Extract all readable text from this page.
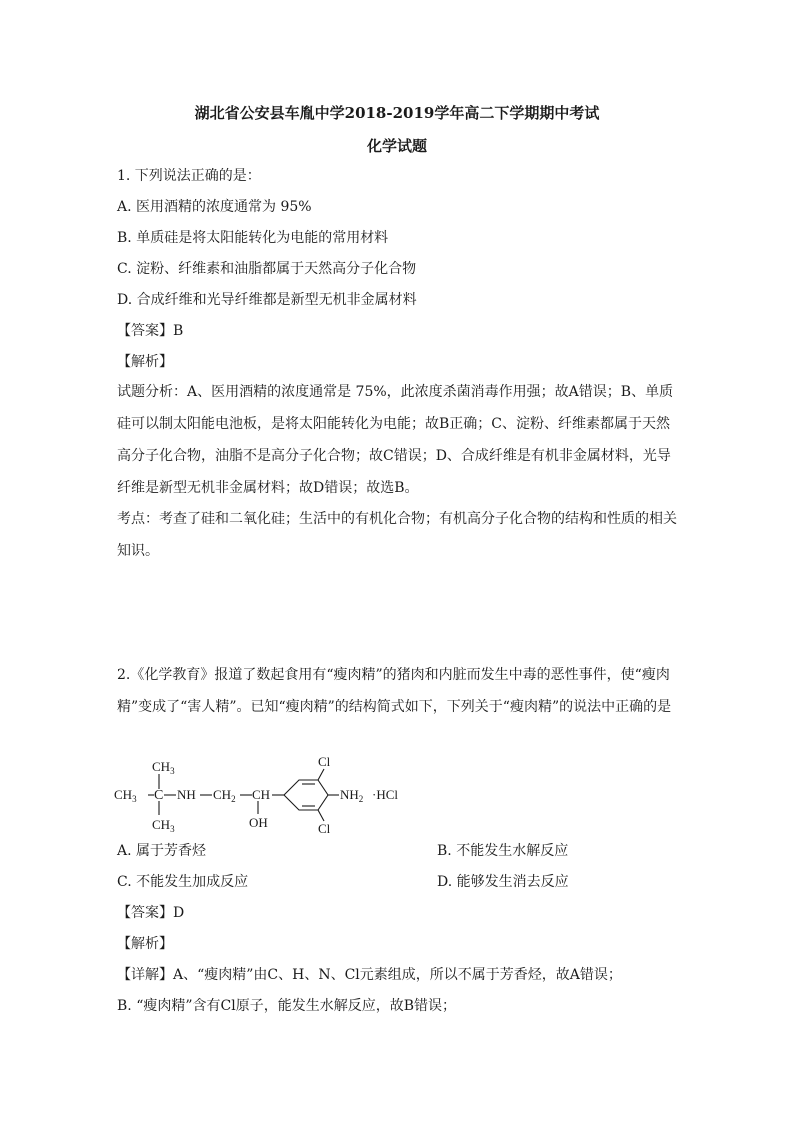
湖北省公安县车胤中学2018-2019学年高二下学期期中考试
化学试题
1. 下列说法正确的是：
A. 医用酒精的浓度通常为 95%
B. 单质硅是将太阳能转化为电能的常用材料
C. 淀粉、纤维素和油脂都属于天然高分子化合物
D. 合成纤维和光导纤维都是新型无机非金属材料
【答案】B
【解析】
试题分析：A、医用酒精的浓度通常是 75%，此浓度杀菌消毒作用强；故A错误；B、单质硅可以制太阳能电池板，是将太阳能转化为电能；故B正确；C、淀粉、纤维素都属于天然高分子化合物，油脂不是高分子化合物；故C错误；D、合成纤维是有机非金属材料，光导纤维是新型无机非金属材料；故D错误；故选B。
考点：考查了硅和二氧化硅；生活中的有机化合物；有机高分子化合物的结构和性质的相关知识。
2.《化学教育》报道了数起食用有“瘦肉精”的猪肉和内脏而发生中毒的恶性事件，使“瘦肉精”变成了“害人精”。已知“瘦肉精”的结构简式如下，下列关于“瘦肉精”的说法中正确的是
$CH_3$
$CH_3$ C
$CH_3$
NH $CH_2$ CH
OH
Cl
Cl
$NH_2 \cdot HCl$
A. 属于芳香烃	B. 不能发生水解反应
C. 不能发生加成反应	D. 能够发生消去反应
【答案】D
【解析】
【详解】A、“瘦肉精”由C、H、N、Cl元素组成，所以不属于芳香烃，故A错误；
B. “瘦肉精”含有Cl原子，能发生水解反应，故B错误；
